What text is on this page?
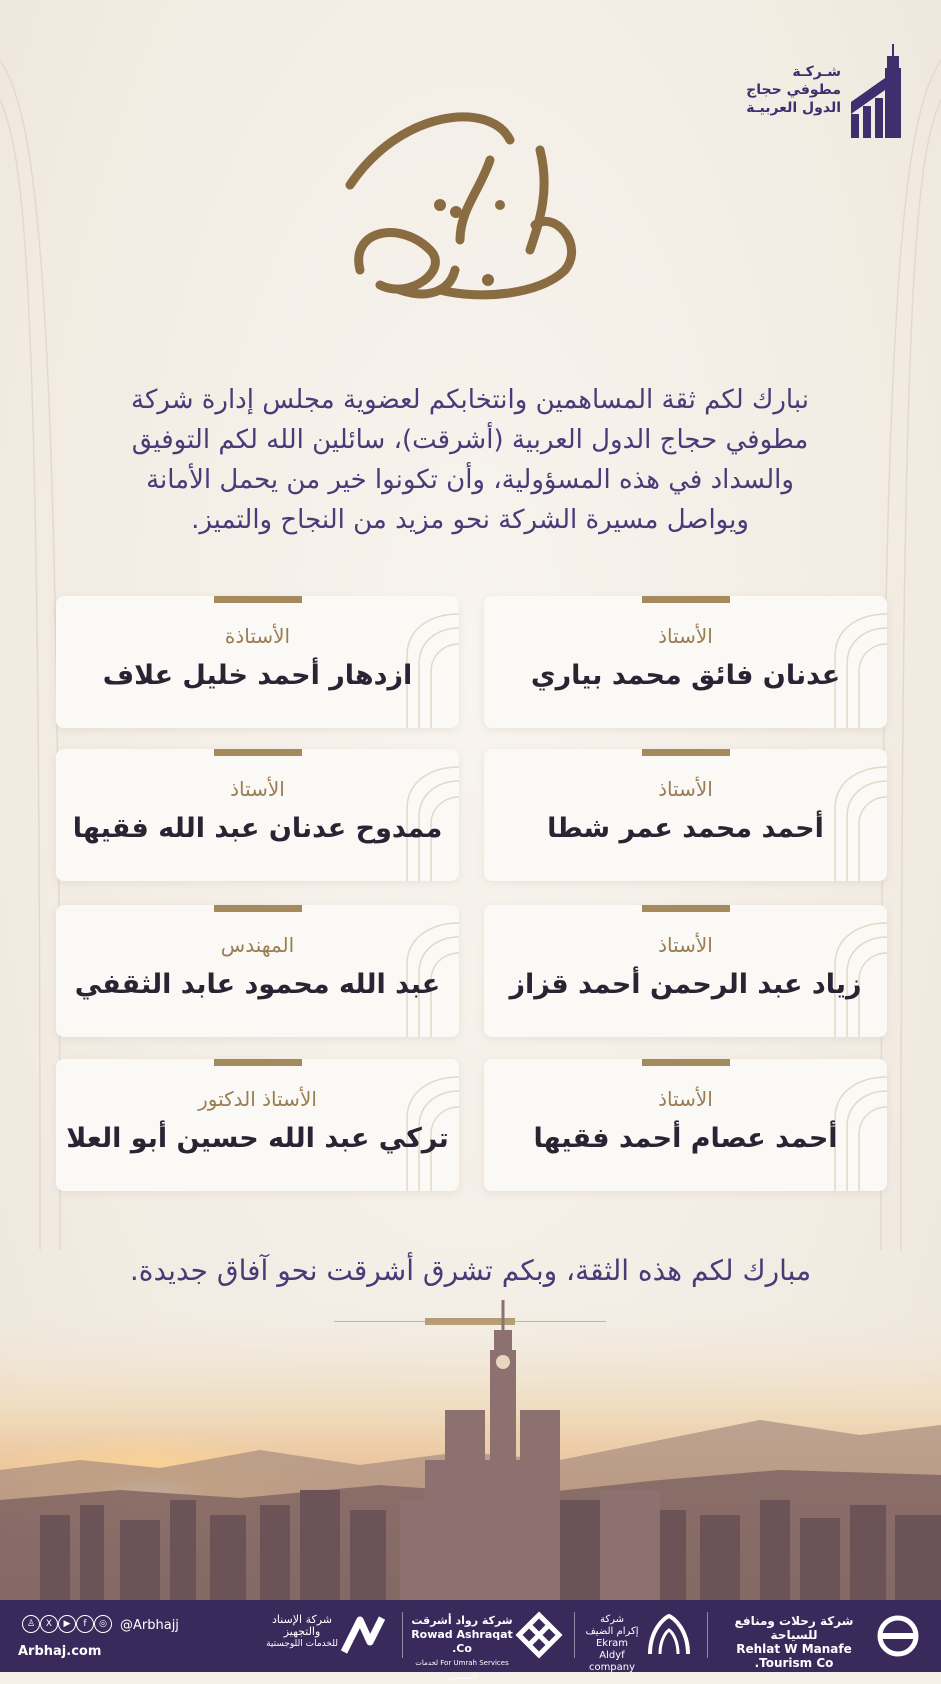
شـركـة
مطوفي حجاج
الدول العربيـة
تهنئة

نبارك لكم ثقة المساهمين وانتخابكم لعضوية مجلس إدارة شركة مطوفي حجاج الدول العربية (أشرقت)، سائلين الله لكم التوفيق والسداد في هذه المسؤولية، وأن تكونوا خير من يحمل الأمانة ويواصل مسيرة الشركة نحو مزيد من النجاح والتميز.

الأستاذ
عدنان فائق محمد بياري
الأستاذة
ازدهار أحمد خليل علاف
الأستاذ
أحمد محمد عمر شطا
الأستاذ
ممدوح عدنان عبد الله فقيها
الأستاذ
زياد عبد الرحمن أحمد قزاز
المهندس
عبد الله محمود عابد الثقفي
الأستاذ
أحمد عصام أحمد فقيها
الأستاذ الدكتور
تركي عبد الله حسين أبو العلا

مبارك لكم هذه الثقة، وبكم تشرق أشرقت نحو آفاق جديدة.

شركة رحلات ومنافع للسياحة
Rehlat W Manafe Tourism Co.
شركة
إكرام الضيف
Ekram Aldyf
company
شركة رواد أشرقت
Rowad Ashraqat Co.
For Umrah Services لخدمات المعتمرين
شركة الإسناد
والتجهيز
للخدمات اللوجستية
@Arbhajj
◎
f
▶
X
♙
Arbhaj.com
